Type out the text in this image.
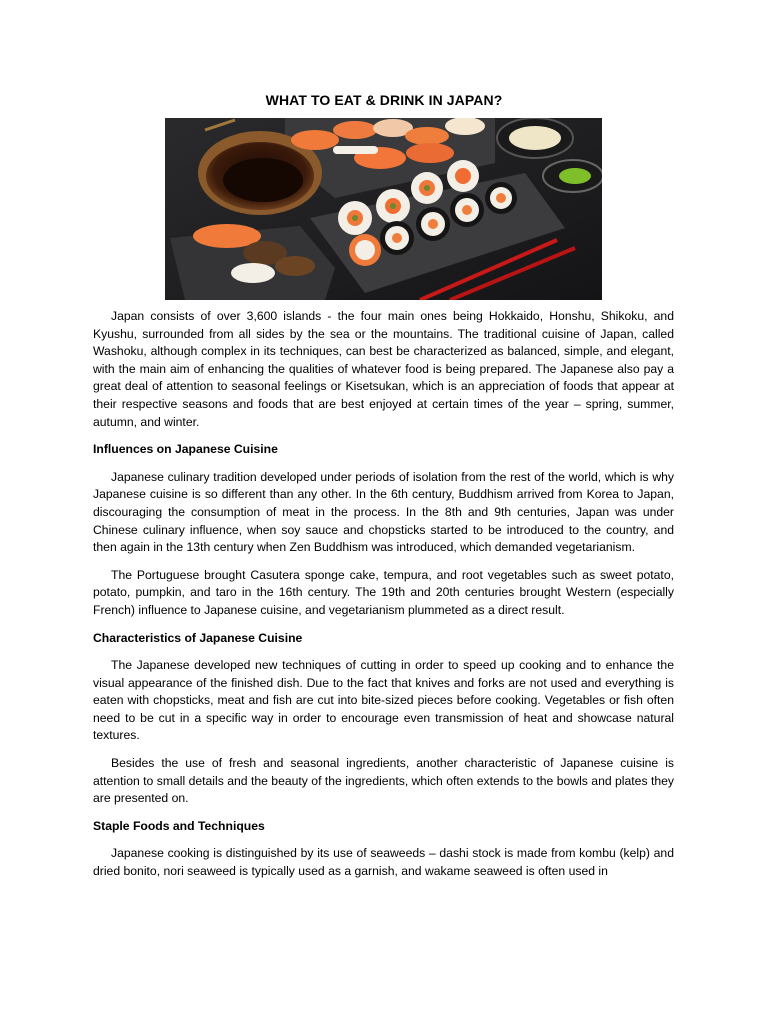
WHAT TO EAT & DRINK IN JAPAN?

Japan consists of over 3,600 islands - the four main ones being Hokkaido, Honshu, Shikoku, and Kyushu, surrounded from all sides by the sea or the mountains. The traditional cuisine of Japan, called Washoku, although complex in its techniques, can best be characterized as balanced, simple, and elegant, with the main aim of enhancing the qualities of whatever food is being prepared. The Japanese also pay a great deal of attention to seasonal feelings or Kisetsukan, which is an appreciation of foods that appear at their respective seasons and foods that are best enjoyed at certain times of the year – spring, summer, autumn, and winter.

Influences on Japanese Cuisine

Japanese culinary tradition developed under periods of isolation from the rest of the world, which is why Japanese cuisine is so different than any other. In the 6th century, Buddhism arrived from Korea to Japan, discouraging the consumption of meat in the process. In the 8th and 9th centuries, Japan was under Chinese culinary influence, when soy sauce and chopsticks started to be introduced to the country, and then again in the 13th century when Zen Buddhism was introduced, which demanded vegetarianism.

The Portuguese brought Casutera sponge cake, tempura, and root vegetables such as sweet potato, potato, pumpkin, and taro in the 16th century. The 19th and 20th centuries brought Western (especially French) influence to Japanese cuisine, and vegetarianism plummeted as a direct result.

Characteristics of Japanese Cuisine

The Japanese developed new techniques of cutting in order to speed up cooking and to enhance the visual appearance of the finished dish. Due to the fact that knives and forks are not used and everything is eaten with chopsticks, meat and fish are cut into bite-sized pieces before cooking. Vegetables or fish often need to be cut in a specific way in order to encourage even transmission of heat and showcase natural textures.

Besides the use of fresh and seasonal ingredients, another characteristic of Japanese cuisine is attention to small details and the beauty of the ingredients, which often extends to the bowls and plates they are presented on.

Staple Foods and Techniques

Japanese cooking is distinguished by its use of seaweeds – dashi stock is made from kombu (kelp) and dried bonito, nori seaweed is typically used as a garnish, and wakame seaweed is often used in
